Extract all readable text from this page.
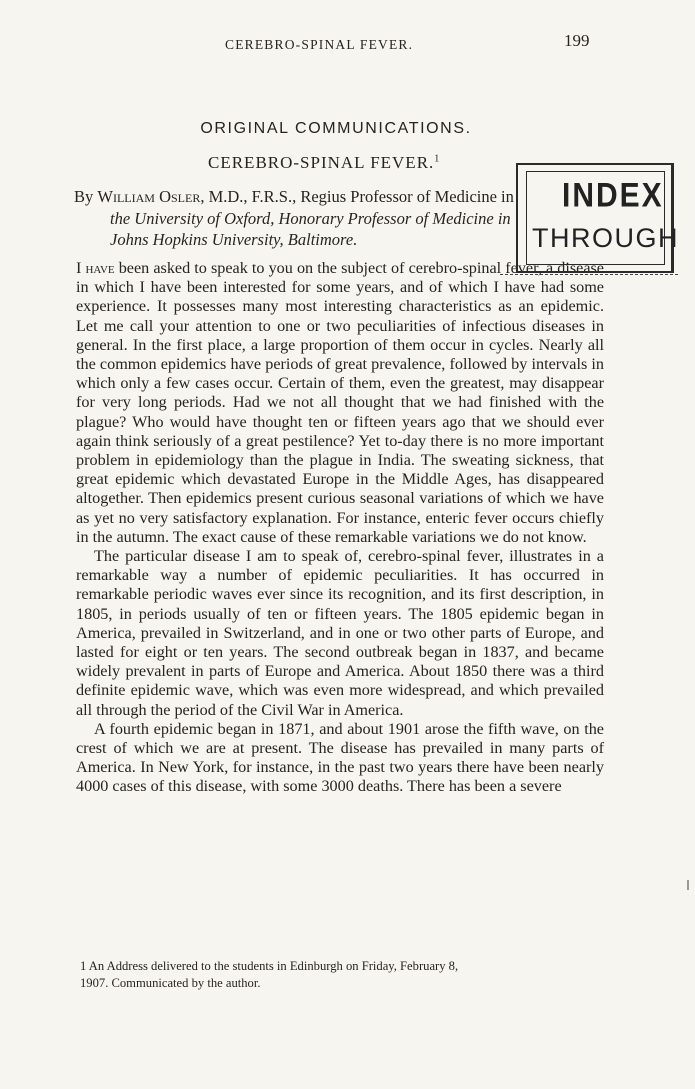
CEREBRO-SPINAL FEVER.	199
ORIGINAL COMMUNICATIONS.
CEREBRO-SPINAL FEVER.$^1$
By William Osler, M.D., F.R.S., Regius Professor of Medicine in
the University of Oxford, Honorary Professor of Medicine in
Johns Hopkins University, Baltimore.

I have been asked to speak to you on the subject of cerebro-spinal fever, a disease in which I have been interested for some years, and of which I have had some experience. It possesses many most interesting characteristics as an epidemic. Let me call your attention to one or two peculiarities of infectious diseases in general. In the first place, a large proportion of them occur in cycles. Nearly all the common epidemics have periods of great prevalence, followed by intervals in which only a few cases occur. Certain of them, even the greatest, may disappear for very long periods. Had we not all thought that we had finished with the plague? Who would have thought ten or fifteen years ago that we should ever again think seriously of a great pestilence? Yet to-day there is no more important problem in epidemiology than the plague in India. The sweating sickness, that great epidemic which devastated Europe in the Middle Ages, has disappeared altogether. Then epidemics present curious seasonal variations of which we have as yet no very satisfactory explanation. For instance, enteric fever occurs chiefly in the autumn. The exact cause of these remarkable variations we do not know.

The particular disease I am to speak of, cerebro-spinal fever, illustrates in a remarkable way a number of epidemic peculiarities. It has occurred in remarkable periodic waves ever since its recognition, and its first description, in 1805, in periods usually of ten or fifteen years. The 1805 epidemic began in America, prevailed in Switzerland, and in one or two other parts of Europe, and lasted for eight or ten years. The second outbreak began in 1837, and became widely prevalent in parts of Europe and America. About 1850 there was a third definite epidemic wave, which was even more widespread, and which prevailed all through the period of the Civil War in America.

A fourth epidemic began in 1871, and about 1901 arose the fifth wave, on the crest of which we are at present. The disease has prevailed in many parts of America. In New York, for instance, in the past two years there have been nearly 4000 cases of this disease, with some 3000 deaths. There has been a severe

1 An Address delivered to the students in Edinburgh on Friday, February 8,
1907. Communicated by the author.
INDEX
THROUGH
